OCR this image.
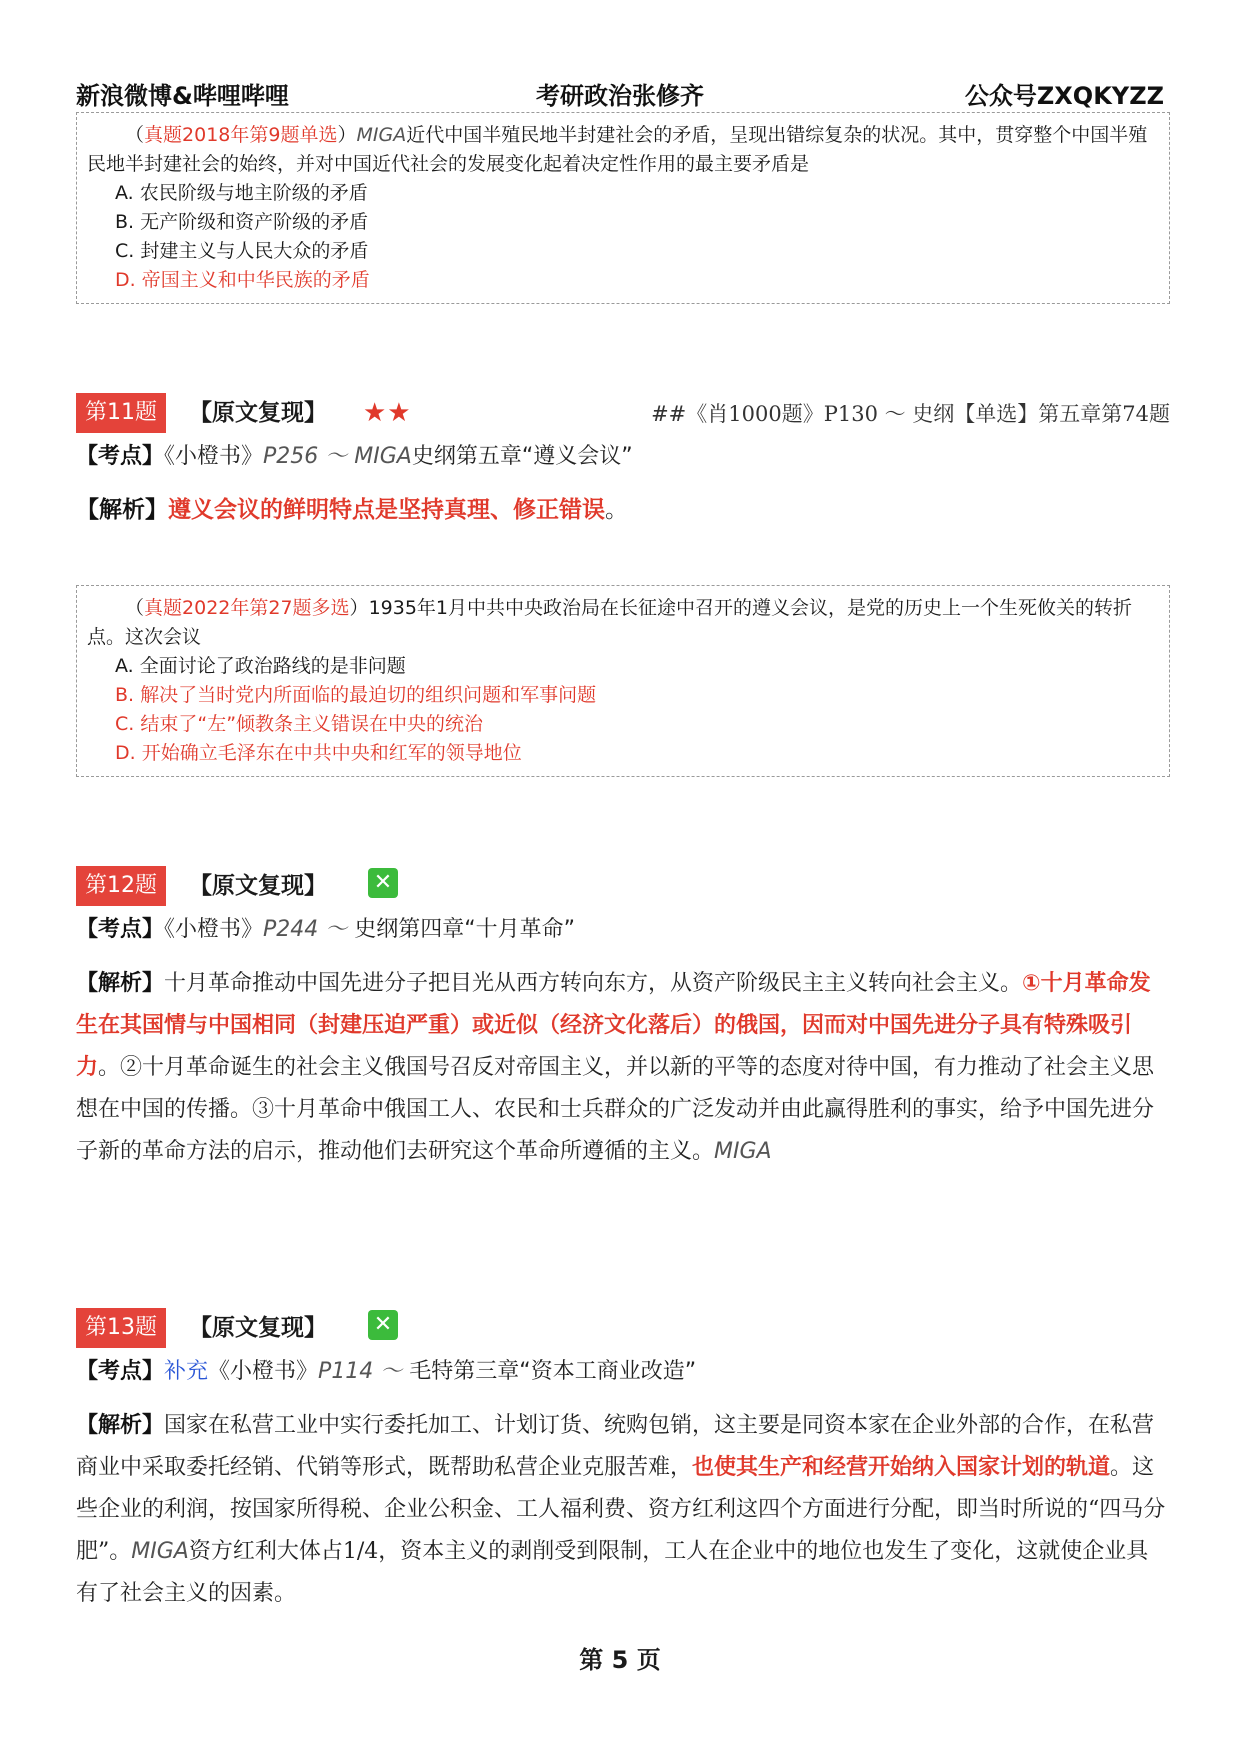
新浪微博&哔哩哔哩	考研政治张修齐	公众号ZXQKYZZ
（真题2018年第9题单选）MIGA近代中国半殖民地半封建社会的矛盾，呈现出错综复杂的状况。其中，贯穿整个中国半殖民地半封建社会的始终，并对中国近代社会的发展变化起着决定性作用的最主要矛盾是
A. 农民阶级与地主阶级的矛盾
B. 无产阶级和资产阶级的矛盾
C. 封建主义与人民大众的矛盾
D. 帝国主义和中华民族的矛盾
第11题	【原文复现】 ★★	##《肖1000题》P130 ～ 史纲【单选】第五章第74题
【考点】《小橙书》P256 ～ MIGA史纲第五章“遵义会议”
【解析】遵义会议的鲜明特点是坚持真理、修正错误。
（真题2022年第27题多选）1935年1月中共中央政治局在长征途中召开的遵义会议，是党的历史上一个生死攸关的转折点。这次会议
A. 全面讨论了政治路线的是非问题
B. 解决了当时党内所面临的最迫切的组织问题和军事问题
C. 结束了“左”倾教条主义错误在中央的统治
D. 开始确立毛泽东在中共中央和红军的领导地位
第12题	【原文复现】 ✕
【考点】《小橙书》P244 ～ 史纲第四章“十月革命”
【解析】十月革命推动中国先进分子把目光从西方转向东方，从资产阶级民主主义转向社会主义。①十月革命发生在其国情与中国相同（封建压迫严重）或近似（经济文化落后）的俄国，因而对中国先进分子具有特殊吸引力。②十月革命诞生的社会主义俄国号召反对帝国主义，并以新的平等的态度对待中国，有力推动了社会主义思想在中国的传播。③十月革命中俄国工人、农民和士兵群众的广泛发动并由此赢得胜利的事实，给予中国先进分子新的革命方法的启示，推动他们去研究这个革命所遵循的主义。MIGA
第13题	【原文复现】 ✕
【考点】补充《小橙书》P114 ～ 毛特第三章“资本工商业改造”
【解析】国家在私营工业中实行委托加工、计划订货、统购包销，这主要是同资本家在企业外部的合作，在私营商业中采取委托经销、代销等形式，既帮助私营企业克服苦难，也使其生产和经营开始纳入国家计划的轨道。这些企业的利润，按国家所得税、企业公积金、工人福利费、资方红利这四个方面进行分配，即当时所说的“四马分肥”。MIGA资方红利大体占1/4，资本主义的剥削受到限制，工人在企业中的地位也发生了变化，这就使企业具有了社会主义的因素。
第 5 页
